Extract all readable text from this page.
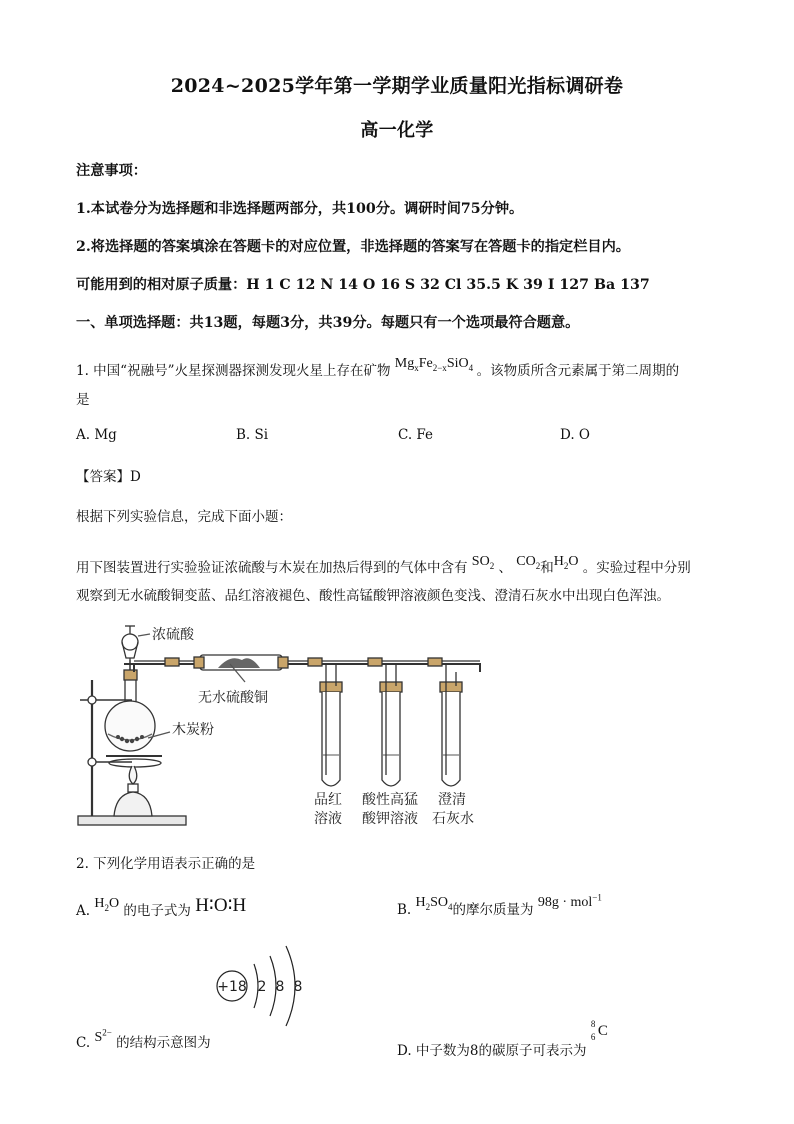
2024~2025学年第一学期学业质量阳光指标调研卷
高一化学
注意事项：
1.本试卷分为选择题和非选择题两部分，共100分。调研时间75分钟。
2.将选择题的答案填涂在答题卡的对应位置，非选择题的答案写在答题卡的指定栏目内。
可能用到的相对原子质量：H 1 C 12 N 14 O 16 S 32 Cl 35.5 K 39 I 127 Ba 137
一、单项选择题：共13题，每题3分，共39分。每题只有一个选项最符合题意。
1. 中国“祝融号”火星探测器探测发现火星上存在矿物 $Mg_xFe_{2-x}SiO_4$ 。该物质所含元素属于第二周期的
是
A. Mg	B. Si	C. Fe	D. O
【答案】D
根据下列实验信息，完成下面小题：
用下图装置进行实验验证浓硫酸与木炭在加热后得到的气体中含有 $SO_2$ 、 $CO_2$和$H_2O$ 。实验过程中分别
观察到无水硫酸铜变蓝、品红溶液褪色、酸性高锰酸钾溶液颜色变浅、澄清石灰水中出现白色浑浊。
浓硫酸
无水硫酸铜
木炭粉
品红
溶液
酸性高猛
酸钾溶液
澄清
石灰水
2. 下列化学用语表示正确的是
A. $H_2O$ 的电子式为 H∶O∶H	B. $H_2SO_4$的摩尔质量为 98g · mol$^{-1}$
+18 2 8 8
C. $S^{2-}$ 的结构示意图为	D. 中子数为8的碳原子可表示为
8
6 C
